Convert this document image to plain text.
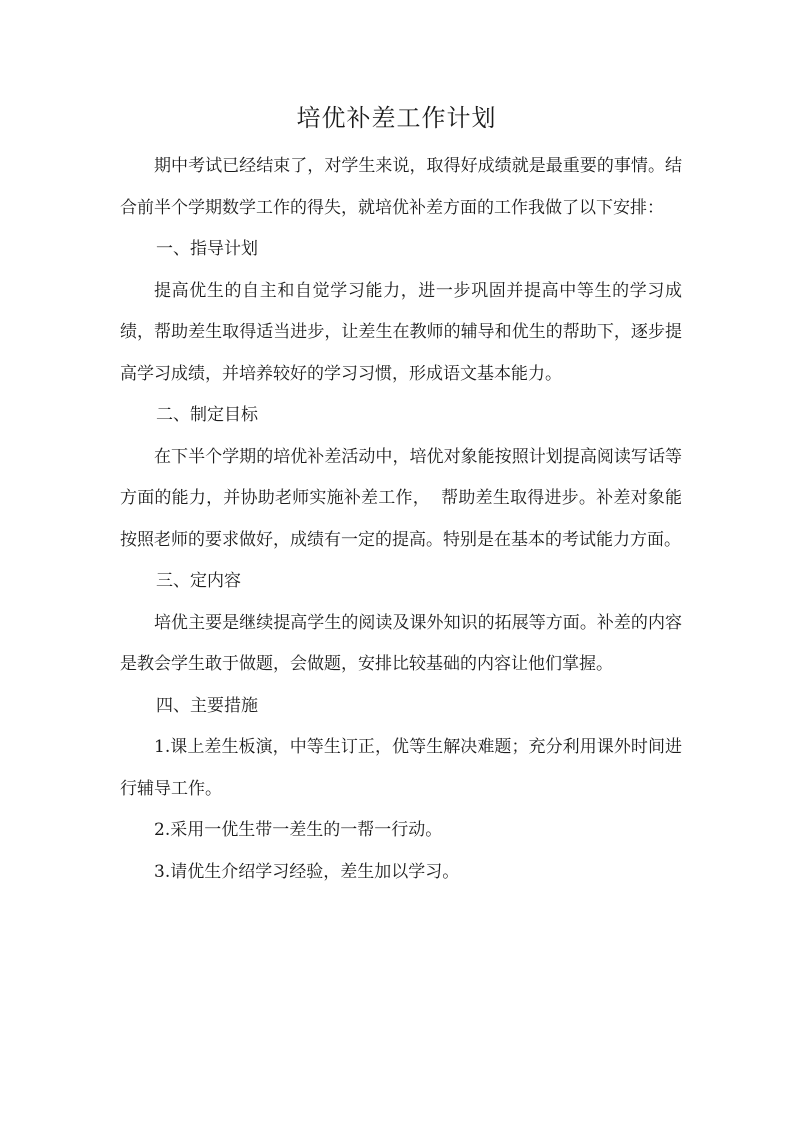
培优补差工作计划

期中考试已经结束了，对学生来说，取得好成绩就是最重要的事情。结合前半个学期数学工作的得失，就培优补差方面的工作我做了以下安排：

一、指导计划

提高优生的自主和自觉学习能力，进一步巩固并提高中等生的学习成绩，帮助差生取得适当进步，让差生在教师的辅导和优生的帮助下，逐步提高学习成绩，并培养较好的学习习惯，形成语文基本能力。

二、制定目标

在下半个学期的培优补差活动中，培优对象能按照计划提高阅读写话等方面的能力，并协助老师实施补差工作，  帮助差生取得进步。补差对象能按照老师的要求做好，成绩有一定的提高。特别是在基本的考试能力方面。

三、定内容

培优主要是继续提高学生的阅读及课外知识的拓展等方面。补差的内容是教会学生敢于做题，会做题，安排比较基础的内容让他们掌握。

四、主要措施

1.课上差生板演，中等生订正，优等生解决难题；充分利用课外时间进行辅导工作。

2.采用一优生带一差生的一帮一行动。

3.请优生介绍学习经验，差生加以学习。
